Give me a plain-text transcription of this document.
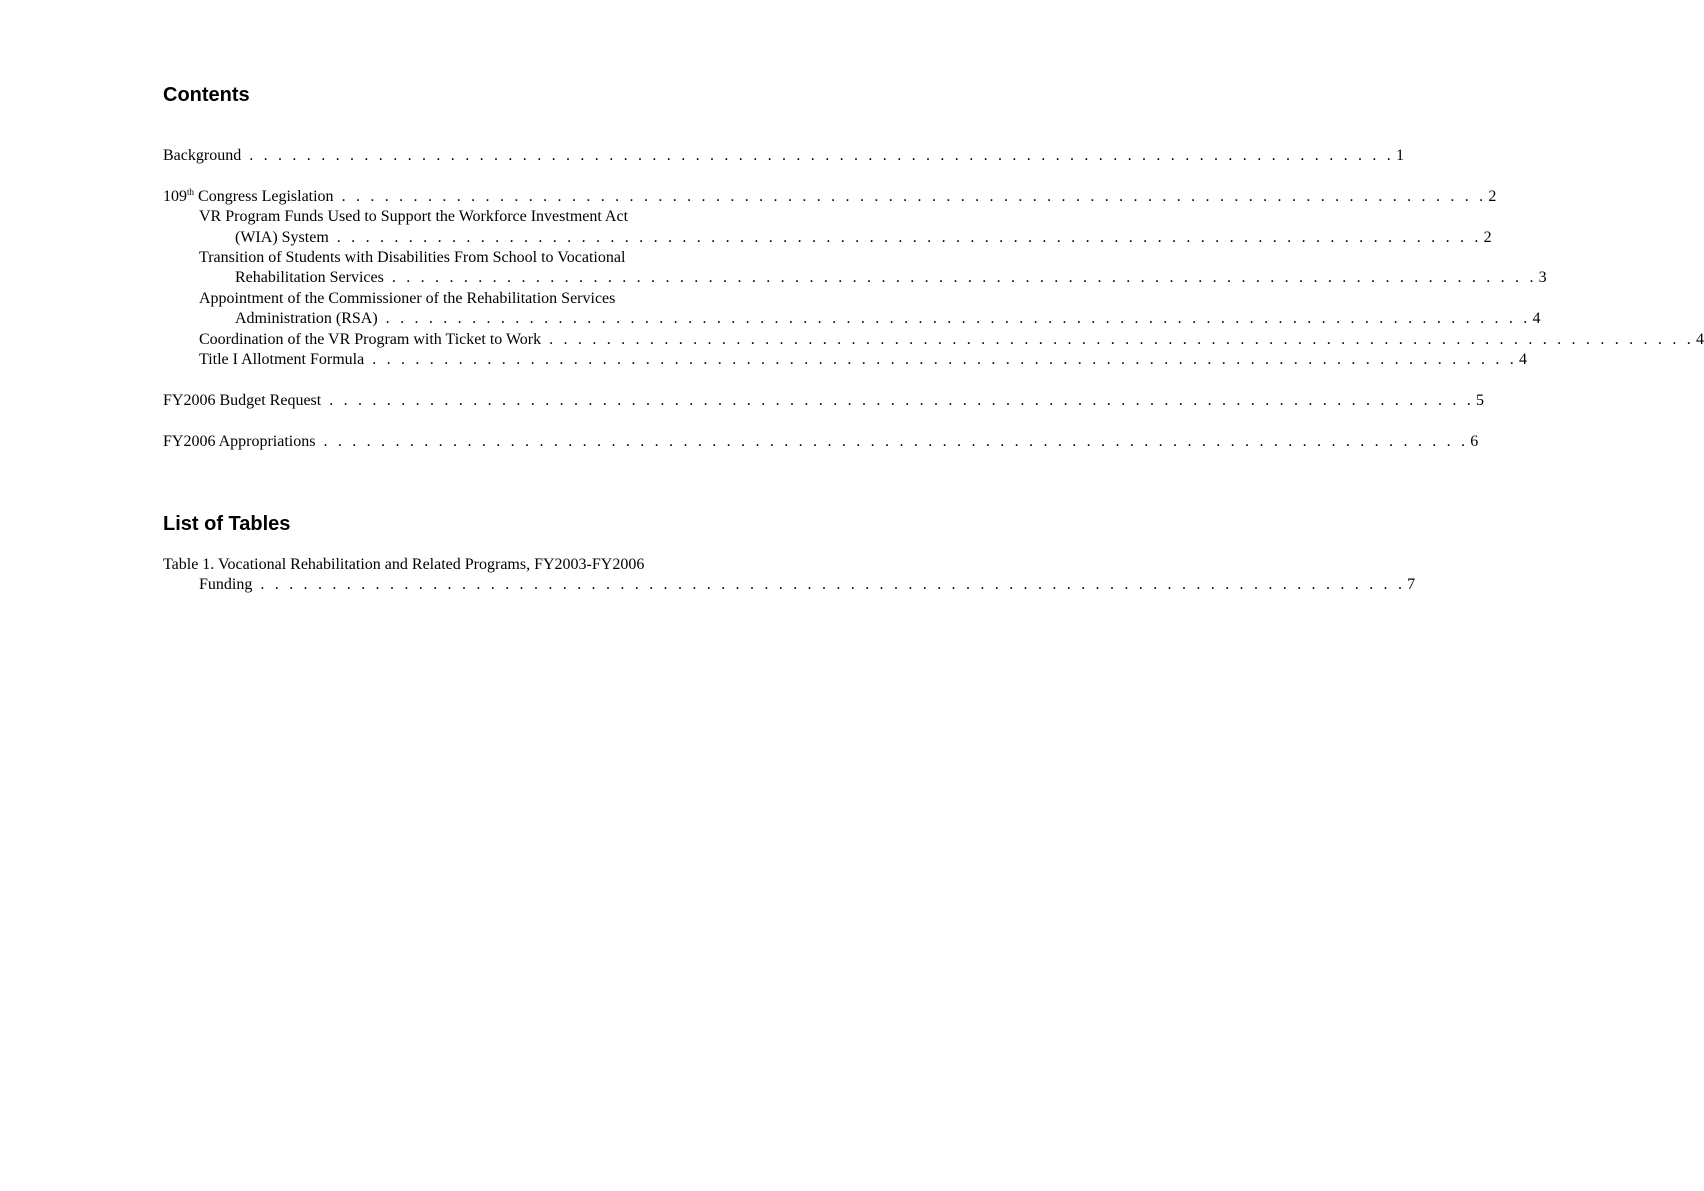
Contents
Background . . . . . . . . . . . . . . . . . . . . . . . . . . . . . . . . . . . . . . . . . . . . . . . . . . . . . . . . . . . . . . . . . . . . . . . . . . . . . . . . 1
109th Congress Legislation . . . . . . . . . . . . . . . . . . . . . . . . . . . . . . . . . . . . . . . . . . . . . . . . . . . . . . . . . . . . . . . . . . . . . . . . . . . . . . . . 2
VR Program Funds Used to Support the Workforce Investment Act
(WIA) System . . . . . . . . . . . . . . . . . . . . . . . . . . . . . . . . . . . . . . . . . . . . . . . . . . . . . . . . . . . . . . . . . . . . . . . . . . . . . . . . 2
Transition of Students with Disabilities From School to Vocational
Rehabilitation Services . . . . . . . . . . . . . . . . . . . . . . . . . . . . . . . . . . . . . . . . . . . . . . . . . . . . . . . . . . . . . . . . . . . . . . . . . . . . . . . . 3
Appointment of the Commissioner of the Rehabilitation Services
Administration (RSA) . . . . . . . . . . . . . . . . . . . . . . . . . . . . . . . . . . . . . . . . . . . . . . . . . . . . . . . . . . . . . . . . . . . . . . . . . . . . . . . . 4
Coordination of the VR Program with Ticket to Work . . . . . . . . . . . . . . . . . . . . . . . . . . . . . . . . . . . . . . . . . . . . . . . . . . . . . . . . . . . . . . . . . . . . . . . . . . . . . . . . 4
Title I Allotment Formula . . . . . . . . . . . . . . . . . . . . . . . . . . . . . . . . . . . . . . . . . . . . . . . . . . . . . . . . . . . . . . . . . . . . . . . . . . . . . . . . 4
FY2006 Budget Request . . . . . . . . . . . . . . . . . . . . . . . . . . . . . . . . . . . . . . . . . . . . . . . . . . . . . . . . . . . . . . . . . . . . . . . . . . . . . . . . 5
FY2006 Appropriations . . . . . . . . . . . . . . . . . . . . . . . . . . . . . . . . . . . . . . . . . . . . . . . . . . . . . . . . . . . . . . . . . . . . . . . . . . . . . . . . 6
List of Tables
Table 1. Vocational Rehabilitation and Related Programs, FY2003-FY2006
Funding . . . . . . . . . . . . . . . . . . . . . . . . . . . . . . . . . . . . . . . . . . . . . . . . . . . . . . . . . . . . . . . . . . . . . . . . . . . . . . . . 7
